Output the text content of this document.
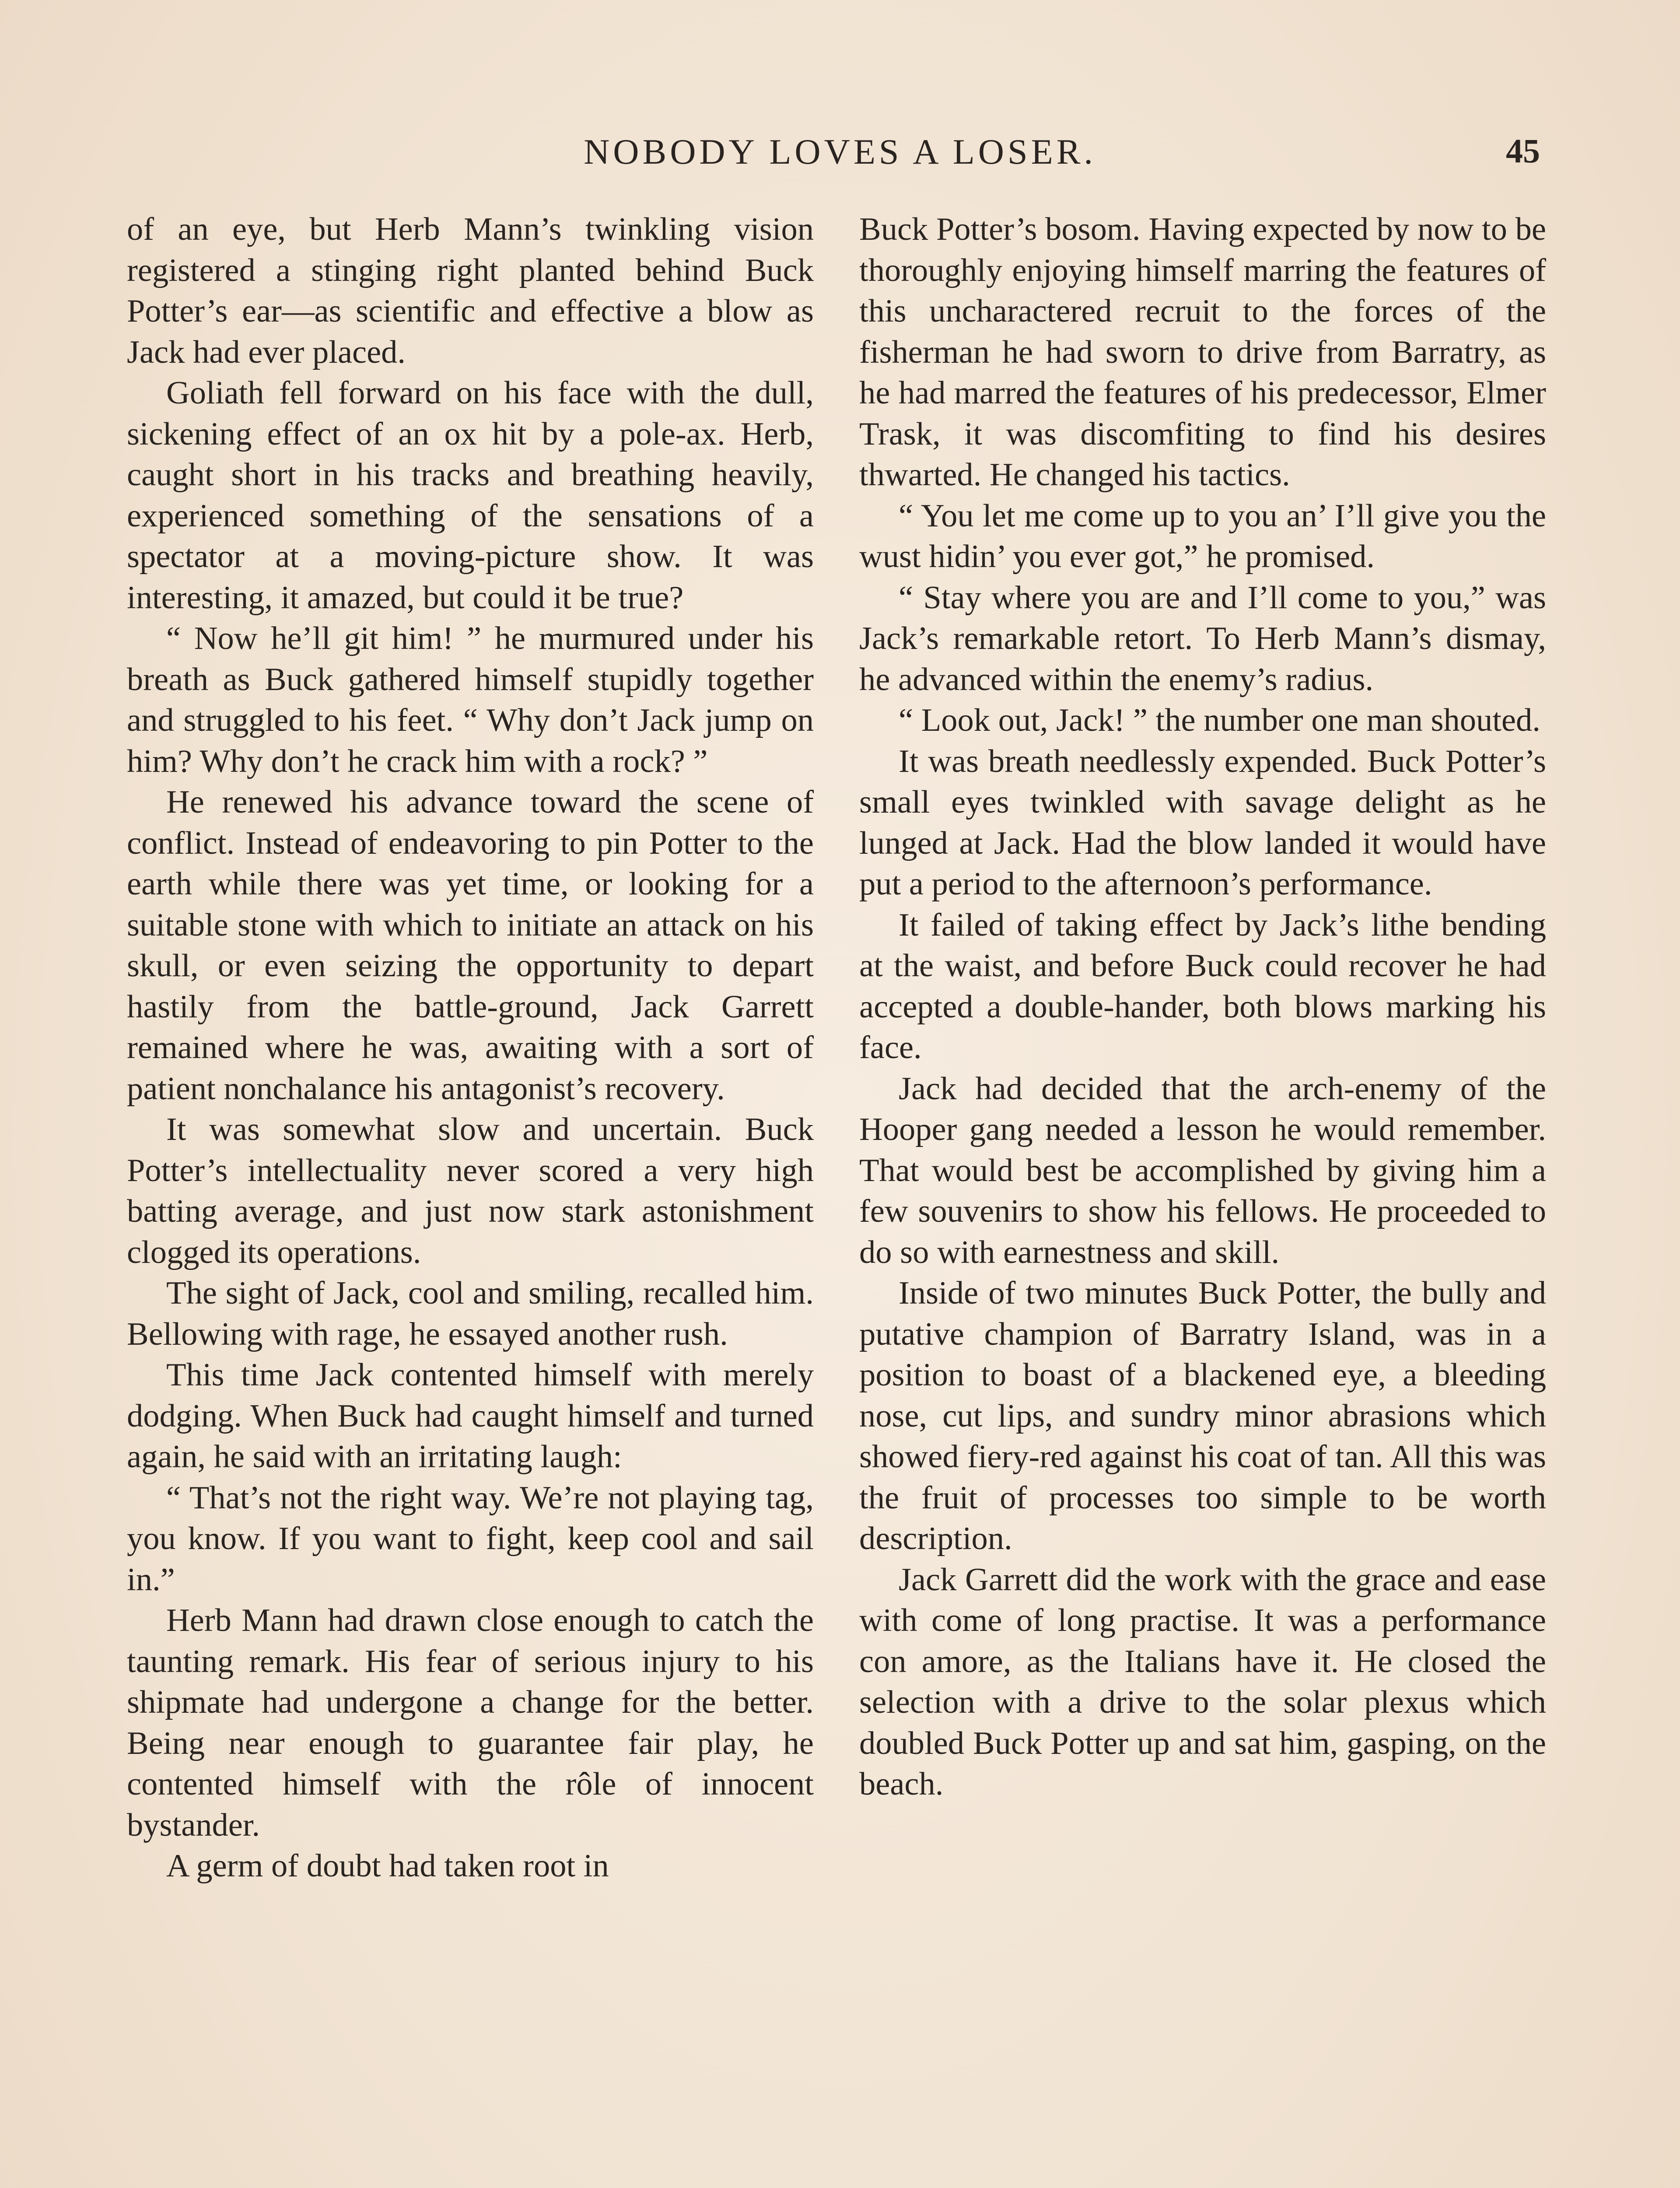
NOBODY LOVES A LOSER.	45

of an eye, but Herb Mann’s twinkling vision registered a stinging right planted behind Buck Potter’s ear—as scientific and effective a blow as Jack had ever placed.

Goliath fell forward on his face with the dull, sickening effect of an ox hit by a pole-ax. Herb, caught short in his tracks and breathing heavily, experienced something of the sensations of a spectator at a moving-picture show. It was interesting, it amazed, but could it be true?

“ Now he’ll git him! ” he murmured under his breath as Buck gathered himself stupidly together and struggled to his feet. “ Why don’t Jack jump on him? Why don’t he crack him with a rock? ”

He renewed his advance toward the scene of conflict. Instead of endeavoring to pin Potter to the earth while there was yet time, or looking for a suitable stone with which to initiate an attack on his skull, or even seizing the opportunity to depart hastily from the battle-ground, Jack Garrett remained where he was, awaiting with a sort of patient nonchalance his antagonist’s recovery.

It was somewhat slow and uncertain. Buck Potter’s intellectuality never scored a very high batting average, and just now stark astonishment clogged its operations.

The sight of Jack, cool and smiling, recalled him. Bellowing with rage, he essayed another rush.

This time Jack contented himself with merely dodging. When Buck had caught himself and turned again, he said with an irritating laugh:

“ That’s not the right way. We’re not playing tag, you know. If you want to fight, keep cool and sail in.”

Herb Mann had drawn close enough to catch the taunting remark. His fear of serious injury to his shipmate had undergone a change for the better. Being near enough to guarantee fair play, he contented himself with the rôle of innocent bystander.

A germ of doubt had taken root in

Buck Potter’s bosom. Having expected by now to be thoroughly enjoying himself marring the features of this uncharactered recruit to the forces of the fisherman he had sworn to drive from Barratry, as he had marred the features of his predecessor, Elmer Trask, it was discomfiting to find his desires thwarted. He changed his tactics.

“ You let me come up to you an’ I’ll give you the wust hidin’ you ever got,” he promised.

“ Stay where you are and I’ll come to you,” was Jack’s remarkable retort. To Herb Mann’s dismay, he advanced within the enemy’s radius.

“ Look out, Jack! ” the number one man shouted.

It was breath needlessly expended. Buck Potter’s small eyes twinkled with savage delight as he lunged at Jack. Had the blow landed it would have put a period to the afternoon’s performance.

It failed of taking effect by Jack’s lithe bending at the waist, and before Buck could recover he had accepted a double-hander, both blows marking his face.

Jack had decided that the arch-enemy of the Hooper gang needed a lesson he would remember. That would best be accomplished by giving him a few souvenirs to show his fellows. He proceeded to do so with earnestness and skill.

Inside of two minutes Buck Potter, the bully and putative champion of Barratry Island, was in a position to boast of a blackened eye, a bleeding nose, cut lips, and sundry minor abrasions which showed fiery-red against his coat of tan. All this was the fruit of processes too simple to be worth description.

Jack Garrett did the work with the grace and ease with come of long practise. It was a performance con amore, as the Italians have it. He closed the selection with a drive to the solar plexus which doubled Buck Potter up and sat him, gasping, on the beach.
